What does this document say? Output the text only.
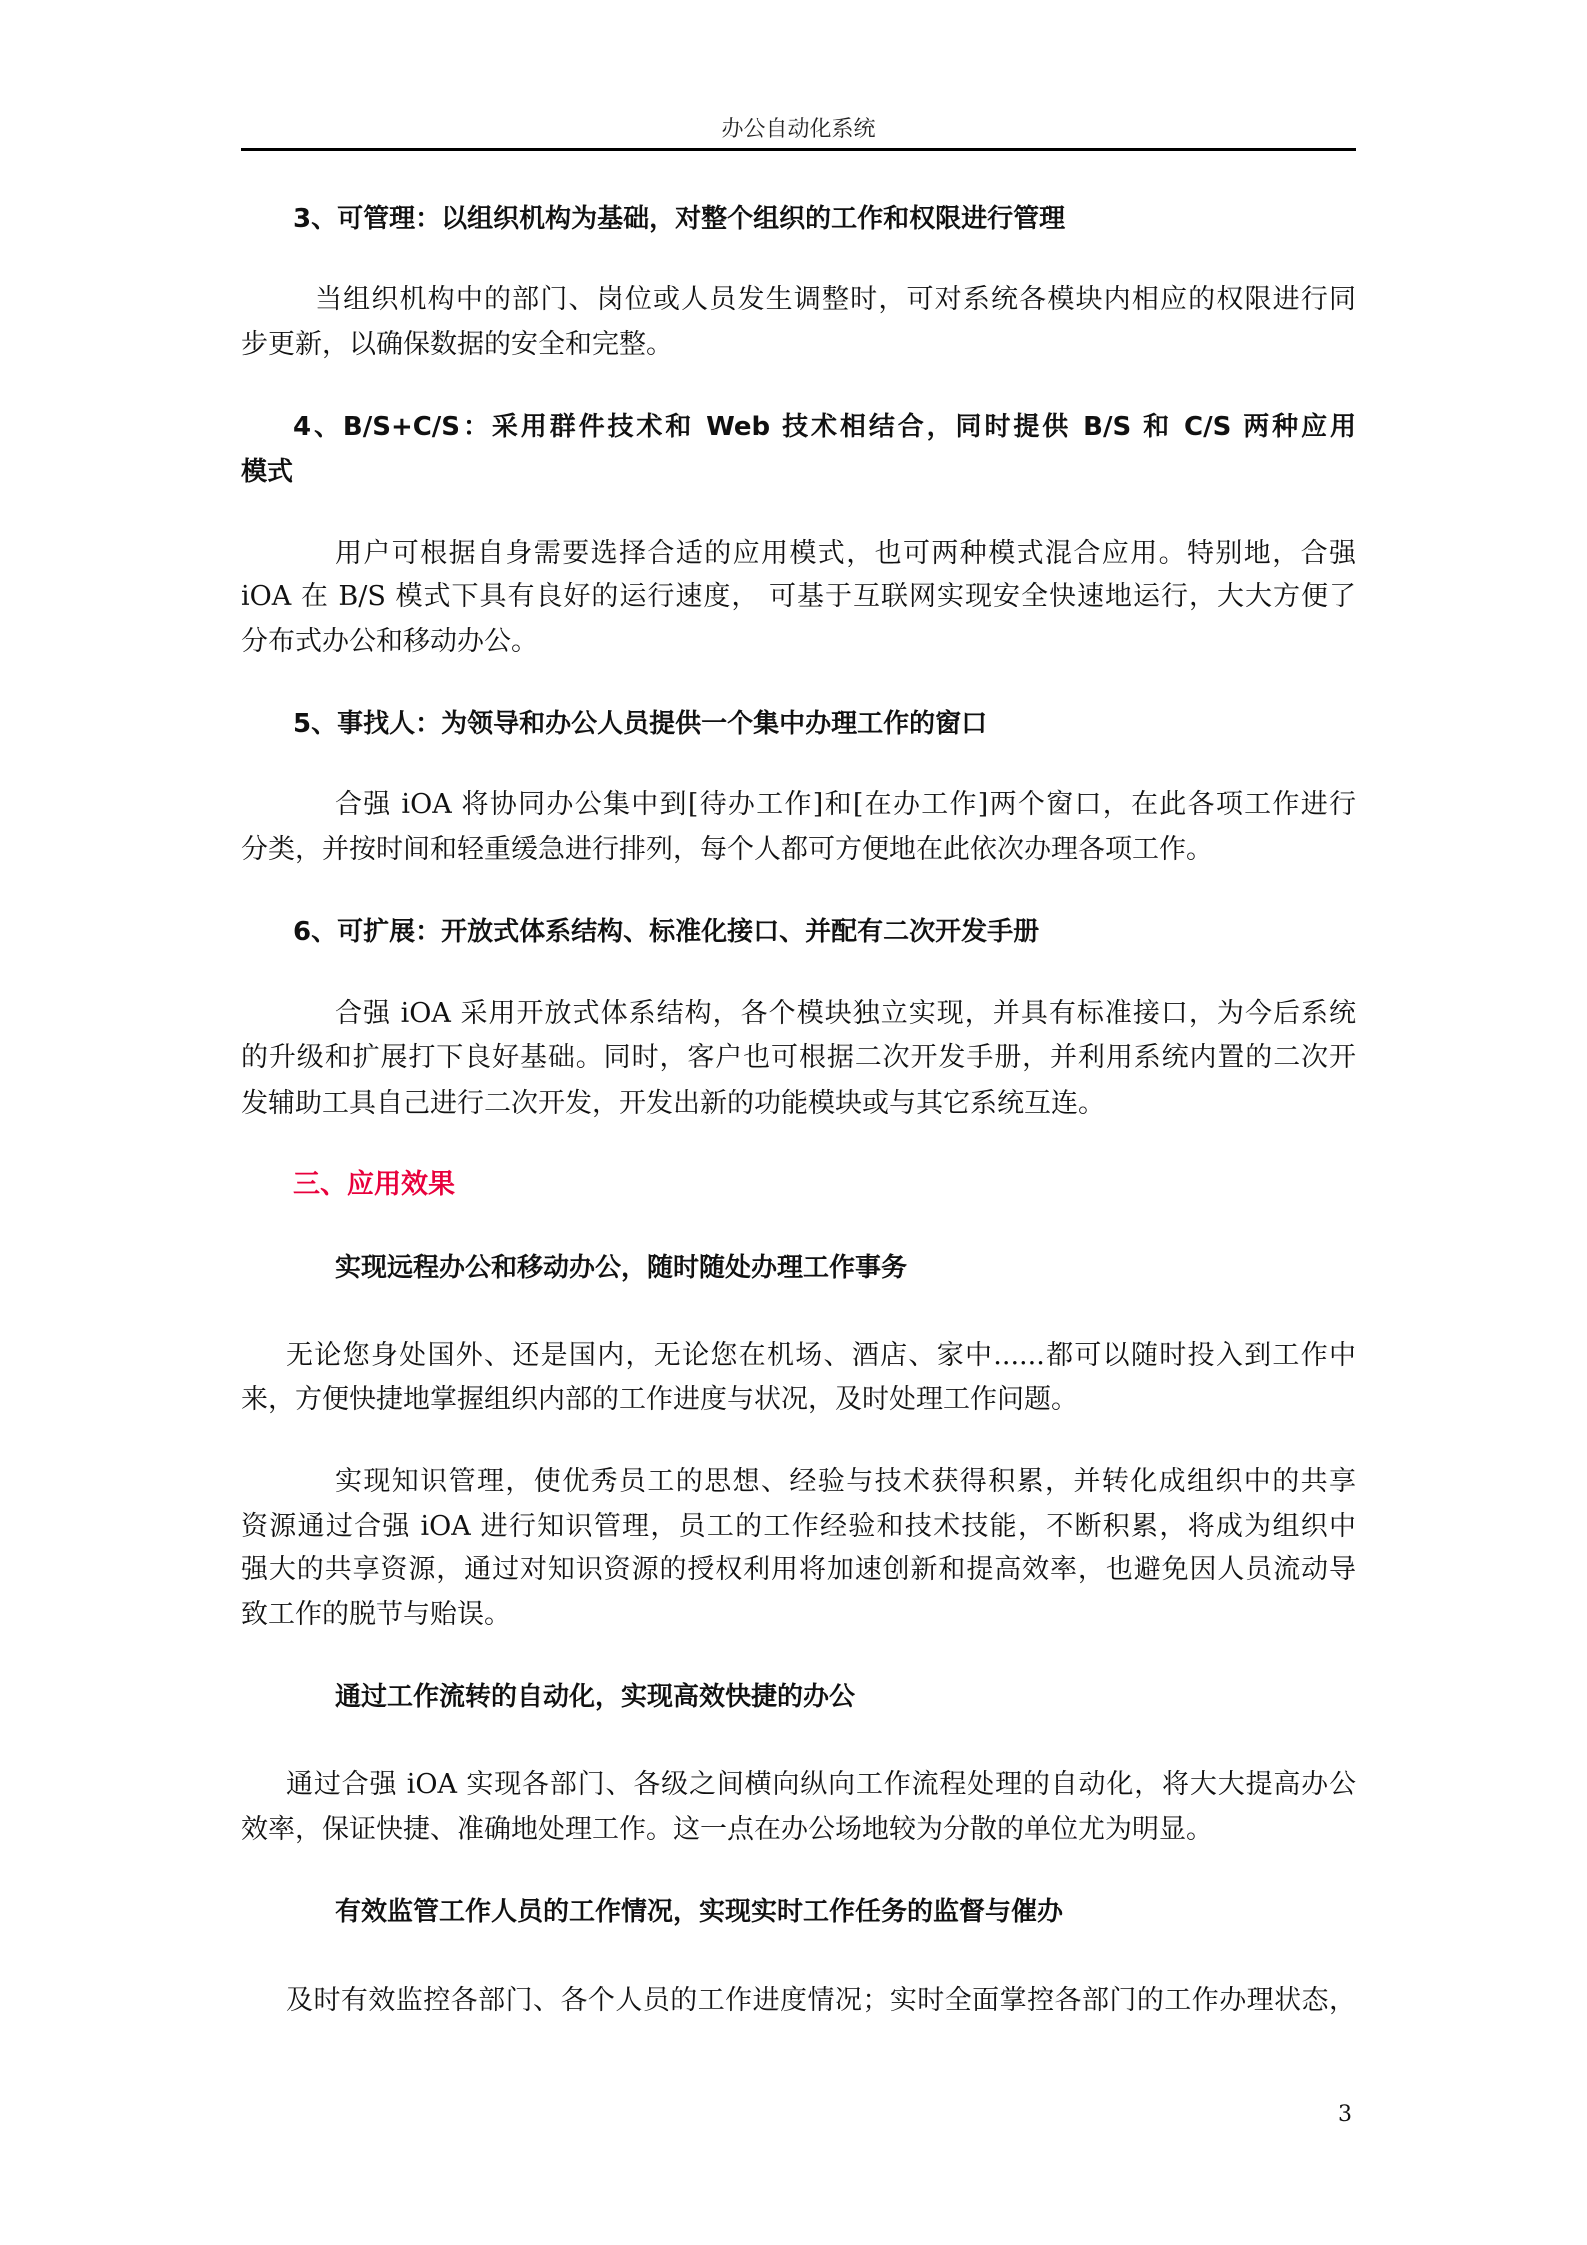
办公自动化系统
3、可管理：以组织机构为基础，对整个组织的工作和权限进行管理
当组织机构中的部门、岗位或人员发生调整时，可对系统各模块内相应的权限进行同
步更新，以确保数据的安全和完整。
4、B/S+C/S：采用群件技术和 Web 技术相结合，同时提供 B/S 和 C/S 两种应用
模式
用户可根据自身需要选择合适的应用模式，也可两种模式混合应用。特别地，合强
iOA 在 B/S 模式下具有良好的运行速度， 可基于互联网实现安全快速地运行，大大方便了
分布式办公和移动办公。
5、事找人：为领导和办公人员提供一个集中办理工作的窗口
合强 iOA 将协同办公集中到[待办工作]和[在办工作]两个窗口，在此各项工作进行
分类，并按时间和轻重缓急进行排列，每个人都可方便地在此依次办理各项工作。
6、可扩展：开放式体系结构、标准化接口、并配有二次开发手册
合强 iOA 采用开放式体系结构，各个模块独立实现，并具有标准接口，为今后系统
的升级和扩展打下良好基础。同时，客户也可根据二次开发手册，并利用系统内置的二次开
发辅助工具自己进行二次开发，开发出新的功能模块或与其它系统互连。
三、应用效果
实现远程办公和移动办公，随时随处办理工作事务
无论您身处国外、还是国内，无论您在机场、酒店、家中......都可以随时投入到工作中
来，方便快捷地掌握组织内部的工作进度与状况，及时处理工作问题。
实现知识管理，使优秀员工的思想、经验与技术获得积累，并转化成组织中的共享
资源通过合强 iOA 进行知识管理，员工的工作经验和技术技能，不断积累，将成为组织中
强大的共享资源，通过对知识资源的授权利用将加速创新和提高效率，也避免因人员流动导
致工作的脱节与贻误。
通过工作流转的自动化，实现高效快捷的办公
通过合强 iOA 实现各部门、各级之间横向纵向工作流程处理的自动化，将大大提高办公
效率，保证快捷、准确地处理工作。这一点在办公场地较为分散的单位尤为明显。
有效监管工作人员的工作情况，实现实时工作任务的监督与催办
及时有效监控各部门、各个人员的工作进度情况；实时全面掌控各部门的工作办理状态，
3
